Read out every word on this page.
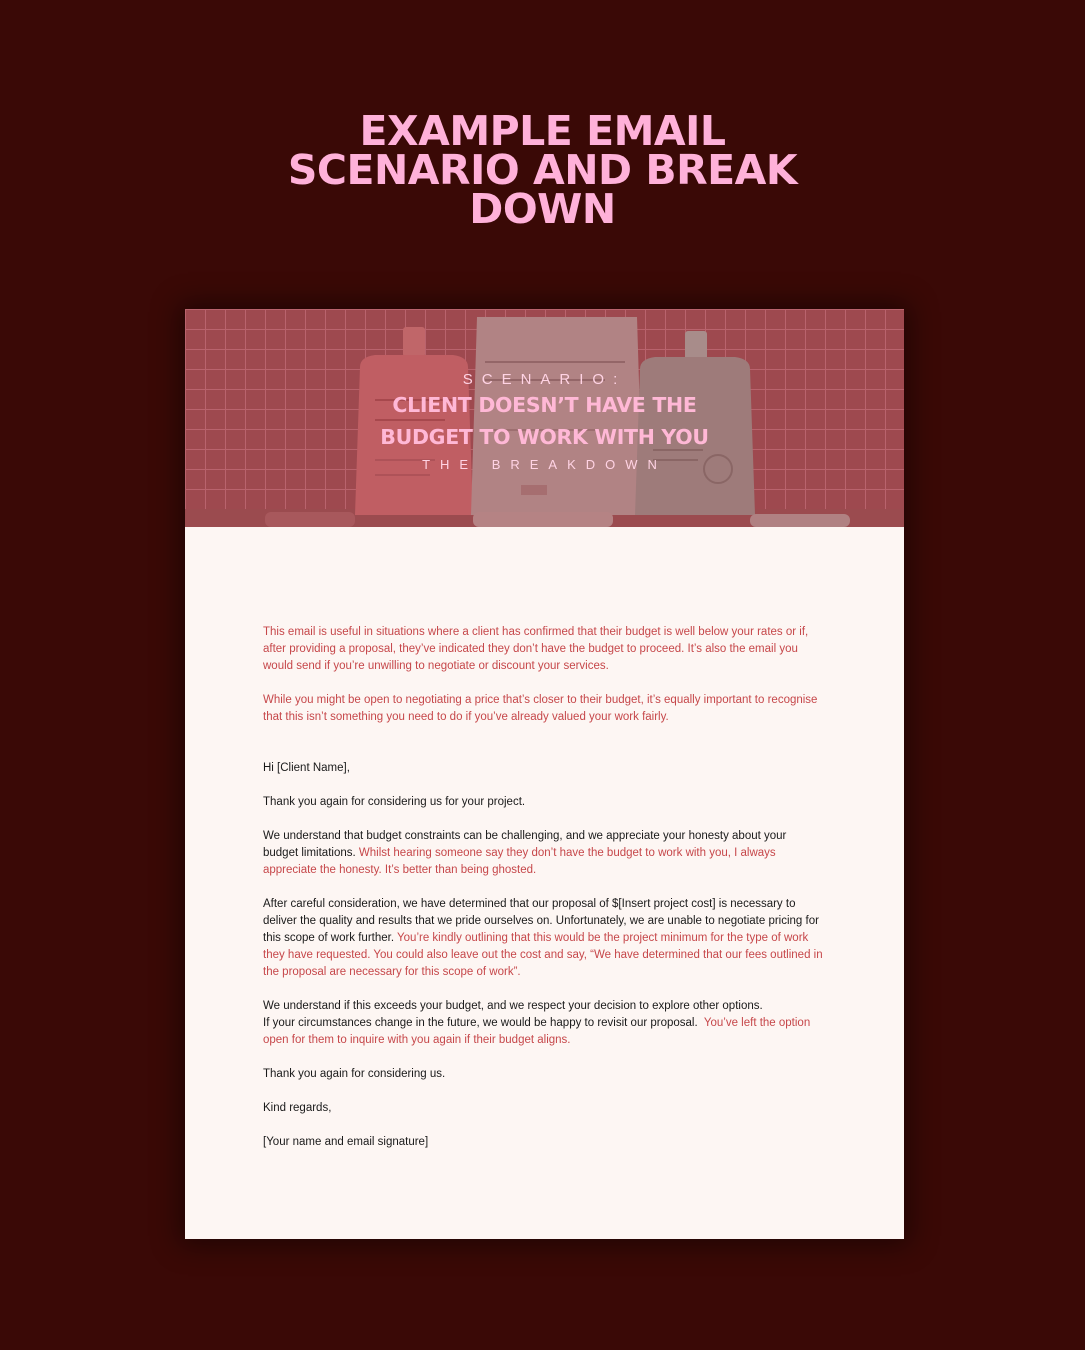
EXAMPLE EMAIL
SCENARIO AND BREAK
DOWN
SCENARIO:
CLIENT DOESN’T HAVE THE
BUDGET TO WORK WITH YOU
THE BREAKDOWN

This email is useful in situations where a client has confirmed that their budget is well below your rates or if, after providing a proposal, they’ve indicated they don’t have the budget to proceed. It’s also the email you would send if you’re unwilling to negotiate or discount your services.

While you might be open to negotiating a price that’s closer to their budget, it’s equally important to recognise that this isn’t something you need to do if you’ve already valued your work fairly.

Hi [Client Name],

Thank you again for considering us for your project.

We understand that budget constraints can be challenging, and we appreciate your honesty about your budget limitations. Whilst hearing someone say they don’t have the budget to work with you, I always appreciate the honesty. It’s better than being ghosted.

After careful consideration, we have determined that our proposal of $[Insert project cost] is necessary to deliver the quality and results that we pride ourselves on. Unfortunately, we are unable to negotiate pricing for this scope of work further. You’re kindly outlining that this would be the project minimum for the type of work they have requested. You could also leave out the cost and say, “We have determined that our fees outlined in the proposal are necessary for this scope of work”.

We understand if this exceeds your budget, and we respect your decision to explore other options.
If your circumstances change in the future, we would be happy to revisit our proposal. You’ve left the option open for them to inquire with you again if their budget aligns.

Thank you again for considering us.

Kind regards,

[Your name and email signature]
